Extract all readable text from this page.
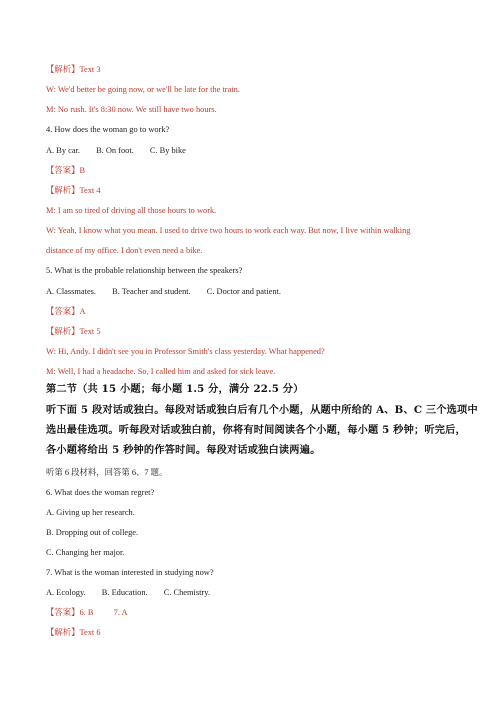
【解析】Text 3
W: We'd better be going now, or we'll be late for the train.
M: No rush. It's 8:30 now. We still have two hours.
4. How does the woman go to work?
A. By car. B. On foot. C. By bike
【答案】B
【解析】Text 4
M: I am so tired of driving all those hours to work.
W: Yeah, I know what you mean. I used to drive two hours to work each way. But now, I live within walking
distance of my office. I don't even need a bike.
5. What is the probable relationship between the speakers?
A. Classmates. B. Teacher and student. C. Doctor and patient.
【答案】A
【解析】Text 5
W: Hi, Andy. I didn't see you in Professor Smith's class yesterday. What happened?
M: Well, I had a headache. So, I called him and asked for sick leave.
第二节（共 15 小题；每小题 1.5 分，满分 22.5 分）
听下面 5 段对话或独白。每段对话或独白后有几个小题，从题中所给的 A、B、C 三个选项中
选出最佳选项。听每段对话或独白前，你将有时间阅读各个小题，每小题 5 秒钟；听完后，
各小题将给出 5 秒钟的作答时间。每段对话或独白读两遍。
听第 6 段材料，回答第 6、7 题。
6. What does the woman regret?
A. Giving up her research.
B. Dropping out of college.
C. Changing her major.
7. What is the woman interested in studying now?
A. Ecology. B. Education. C. Chemistry.
【答案】6. B 7. A
【解析】Text 6
